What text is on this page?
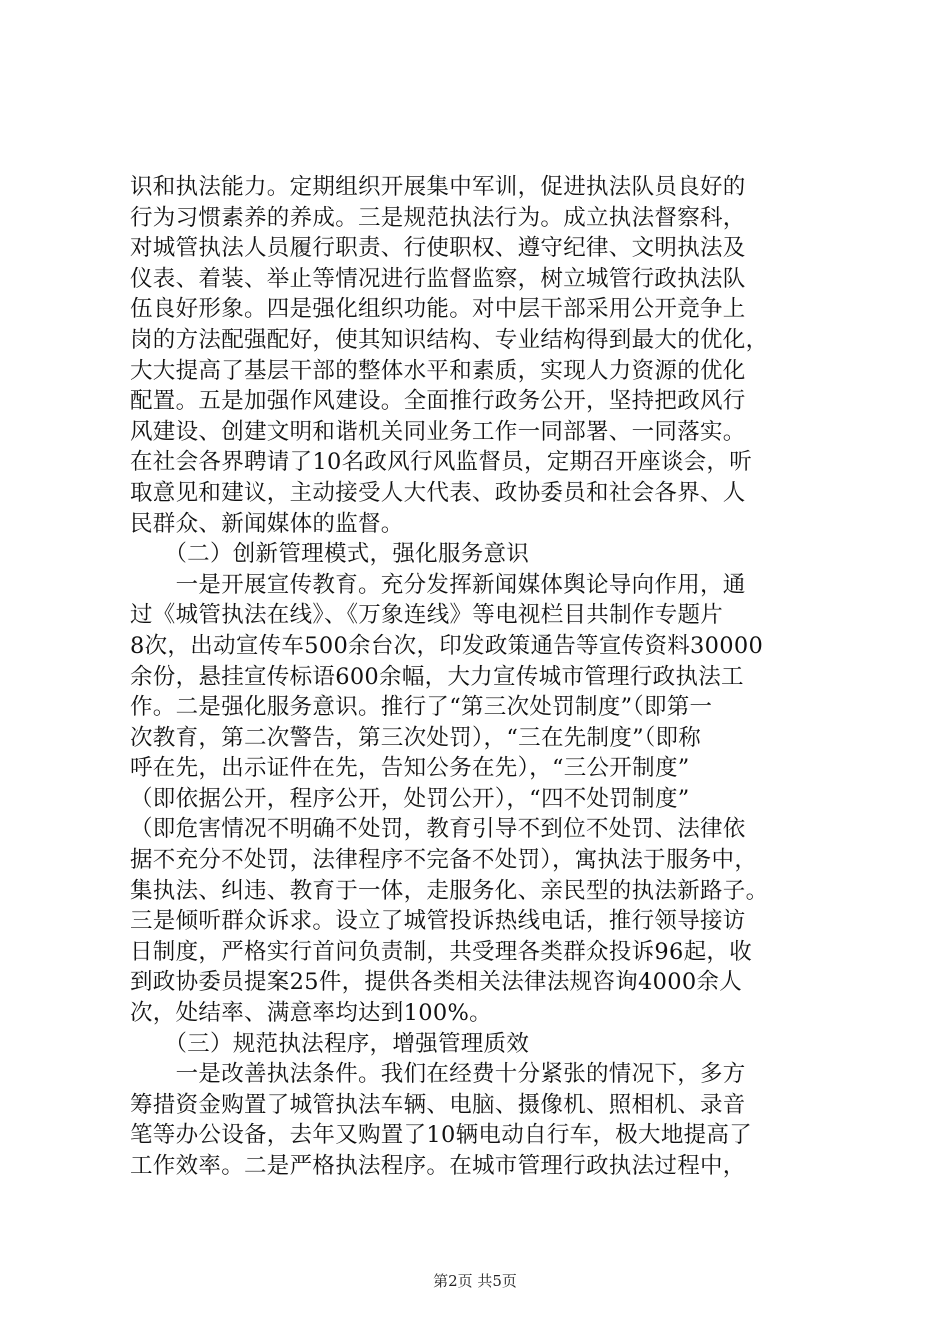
识和执法能力。定期组织开展集中军训，促进执法队员良好的
行为习惯素养的养成。三是规范执法行为。成立执法督察科，
对城管执法人员履行职责、行使职权、遵守纪律、文明执法及
仪表、着装、举止等情况进行监督监察，树立城管行政执法队
伍良好形象。四是强化组织功能。对中层干部采用公开竞争上
岗的方法配强配好，使其知识结构、专业结构得到最大的优化，
大大提高了基层干部的整体水平和素质，实现人力资源的优化
配置。五是加强作风建设。全面推行政务公开，坚持把政风行
风建设、创建文明和谐机关同业务工作一同部署、一同落实。
在社会各界聘请了10名政风行风监督员，定期召开座谈会，听
取意见和建议，主动接受人大代表、政协委员和社会各界、人
民群众、新闻媒体的监督。
　　（二）创新管理模式，强化服务意识
　　一是开展宣传教育。充分发挥新闻媒体舆论导向作用，通
过《城管执法在线》、《万象连线》等电视栏目共制作专题片
8次，出动宣传车500余台次，印发政策通告等宣传资料30000
余份，悬挂宣传标语600余幅，大力宣传城市管理行政执法工
作。二是强化服务意识。推行了“第三次处罚制度”（即第一
次教育，第二次警告，第三次处罚），“三在先制度”（即称
呼在先，出示证件在先，告知公务在先），“三公开制度”
（即依据公开，程序公开，处罚公开），“四不处罚制度”
（即危害情况不明确不处罚，教育引导不到位不处罚、法律依
据不充分不处罚，法律程序不完备不处罚），寓执法于服务中，
集执法、纠违、教育于一体，走服务化、亲民型的执法新路子。
三是倾听群众诉求。设立了城管投诉热线电话，推行领导接访
日制度，严格实行首问负责制，共受理各类群众投诉96起，收
到政协委员提案25件，提供各类相关法律法规咨询4000余人
次，处结率、满意率均达到100%。
　　（三）规范执法程序，增强管理质效
　　一是改善执法条件。我们在经费十分紧张的情况下，多方
筹措资金购置了城管执法车辆、电脑、摄像机、照相机、录音
笔等办公设备，去年又购置了10辆电动自行车，极大地提高了
工作效率。二是严格执法程序。在城市管理行政执法过程中，
第2页 共5页
